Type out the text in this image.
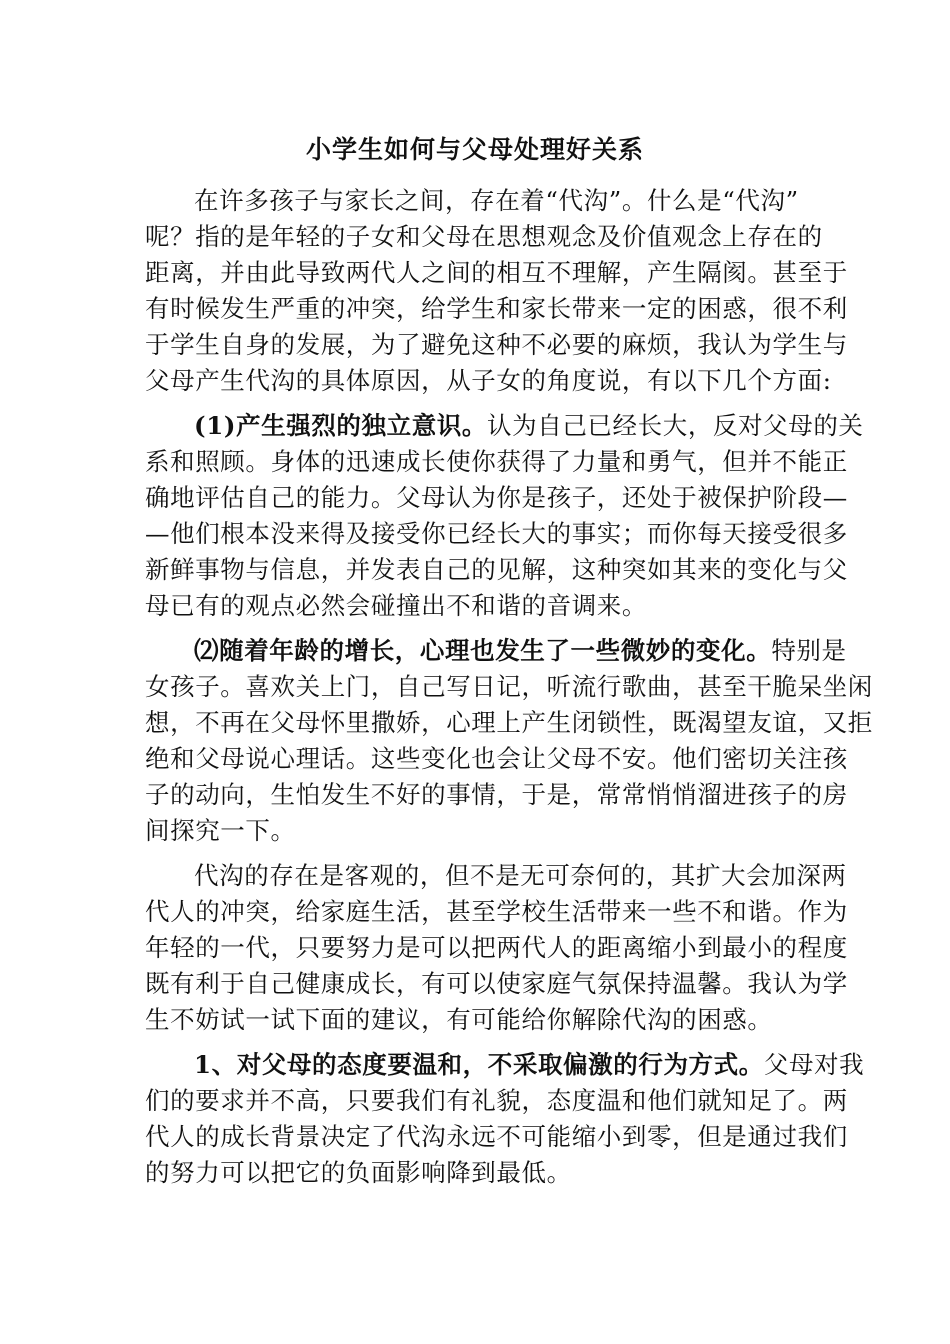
小学生如何与父母处理好关系
在许多孩子与家长之间，存在着“代沟”。什么是“代沟”
呢？指的是年轻的子女和父母在思想观念及价值观念上存在的
距离，并由此导致两代人之间的相互不理解，产生隔阂。甚至于
有时候发生严重的冲突，给学生和家长带来一定的困惑，很不利
于学生自身的发展，为了避免这种不必要的麻烦，我认为学生与
父母产生代沟的具体原因，从子女的角度说，有以下几个方面:
(1)产生强烈的独立意识。认为自己已经长大，反对父母的关
系和照顾。身体的迅速成长使你获得了力量和勇气，但并不能正
确地评估自己的能力。父母认为你是孩子，还处于被保护阶段—
—他们根本没来得及接受你已经长大的事实；而你每天接受很多
新鲜事物与信息，并发表自己的见解，这种突如其来的变化与父
母已有的观点必然会碰撞出不和谐的音调来。
⑵随着年龄的增长，心理也发生了一些微妙的变化。特别是
女孩子。喜欢关上门，自己写日记，听流行歌曲，甚至干脆呆坐闲
想，不再在父母怀里撒娇，心理上产生闭锁性，既渴望友谊，又拒
绝和父母说心理话。这些变化也会让父母不安。他们密切关注孩
子的动向，生怕发生不好的事情，于是，常常悄悄溜进孩子的房
间探究一下。
代沟的存在是客观的，但不是无可奈何的，其扩大会加深两
代人的冲突，给家庭生活，甚至学校生活带来一些不和谐。作为
年轻的一代，只要努力是可以把两代人的距离缩小到最小的程度
既有利于自己健康成长，有可以使家庭气氛保持温馨。我认为学
生不妨试一试下面的建议，有可能给你解除代沟的困惑。
1、对父母的态度要温和，不采取偏激的行为方式。父母对我
们的要求并不高，只要我们有礼貌，态度温和他们就知足了。两
代人的成长背景决定了代沟永远不可能缩小到零，但是通过我们
的努力可以把它的负面影响降到最低。
